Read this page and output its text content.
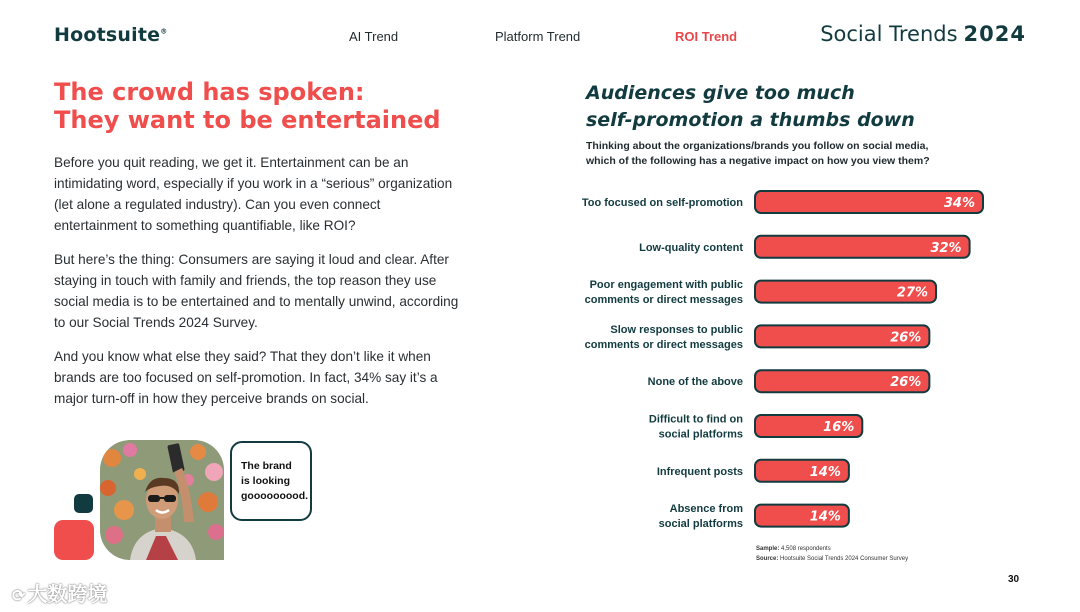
Hootsuite®	AI Trend	Platform Trend	ROI Trend	Social Trends 2024
The crowd has spoken:
They want to be entertained

Before you quit reading, we get it. Entertainment can be an intimidating word, especially if you work in a “serious” organization (let alone a regulated industry). Can you even connect entertainment to something quantifiable, like ROI?

But here’s the thing: Consumers are saying it loud and clear. After staying in touch with family and friends, the top reason they use social media is to be entertained and to mentally unwind, according to our Social Trends 2024 Survey.

And you know what else they said? That they don’t like it when brands are too focused on self-promotion. In fact, 34% say it’s a major turn-off in how they perceive brands on social.

The brand
is looking
gooooooood.
Audiences give too much
self-promotion a thumbs down
Thinking about the organizations/brands you follow on social media,
which of the following has a negative impact on how you view them?
34%
Too focused on self-promotion
32%
Low-quality content
27%
Poor engagement with public comments or direct messages
26%
Slow responses to public comments or direct messages
26%
None of the above
16%
Difficult to find on social platforms
14%
Infrequent posts
14%
Absence from social platforms
Sample: 4,508 respondents
Source: Hootsuite Social Trends 2024 Consumer Survey
30
⟳ 大数跨境
